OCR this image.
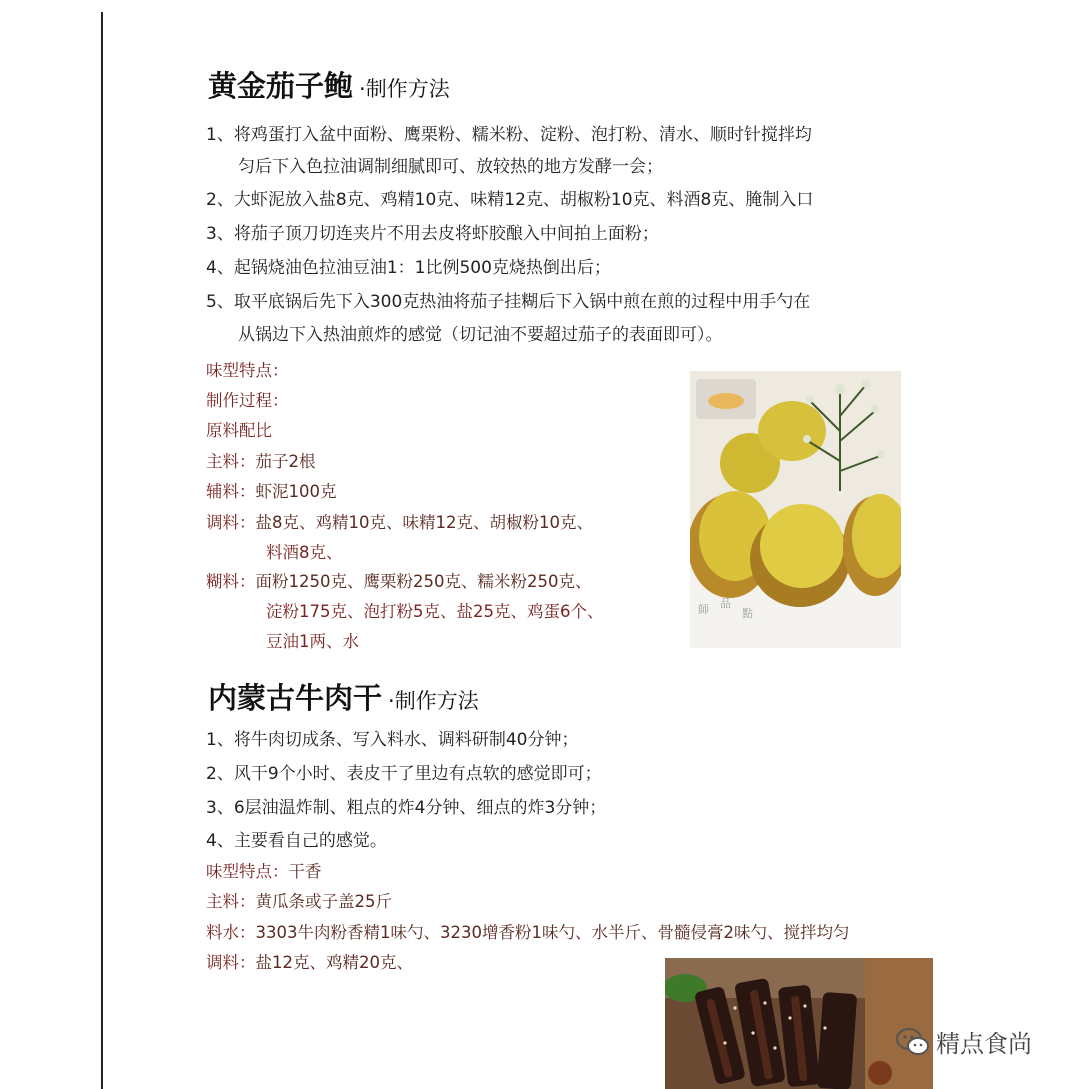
黄金茄子鲍 ·制作方法
1、将鸡蛋打入盆中面粉、鹰栗粉、糯米粉、淀粉、泡打粉、清水、顺时针搅拌均
匀后下入色拉油调制细腻即可、放较热的地方发酵一会；
2、大虾泥放入盐8克、鸡精10克、味精12克、胡椒粉10克、料酒8克、腌制入口
3、将茄子顶刀切连夹片不用去皮将虾胶酿入中间拍上面粉；
4、起锅烧油色拉油豆油1：1比例500克烧热倒出后；
5、取平底锅后先下入300克热油将茄子挂糊后下入锅中煎在煎的过程中用手勺在
从锅边下入热油煎炸的感觉（切记油不要超过茄子的表面即可）。
味型特点：
制作过程：
原料配比
主料：茄子2根
辅料：虾泥100克
调料：盐8克、鸡精10克、味精12克、胡椒粉10克、
料酒8克、
糊料：面粉1250克、鹰栗粉250克、糯米粉250克、
淀粉175克、泡打粉5克、盐25克、鸡蛋6个、
豆油1两、水
師 品
點
内蒙古牛肉干 ·制作方法
1、将牛肉切成条、写入料水、调料研制40分钟；
2、风干9个小时、表皮干了里边有点软的感觉即可；
3、6层油温炸制、粗点的炸4分钟、细点的炸3分钟；
4、主要看自己的感觉。
味型特点：干香
主料：黄瓜条或子盖25斤
料水：3303牛肉粉香精1味勺、3230增香粉1味勺、水半斤、骨髓侵膏2味勺、搅拌均匀
调料：盐12克、鸡精20克、
精点食尚
